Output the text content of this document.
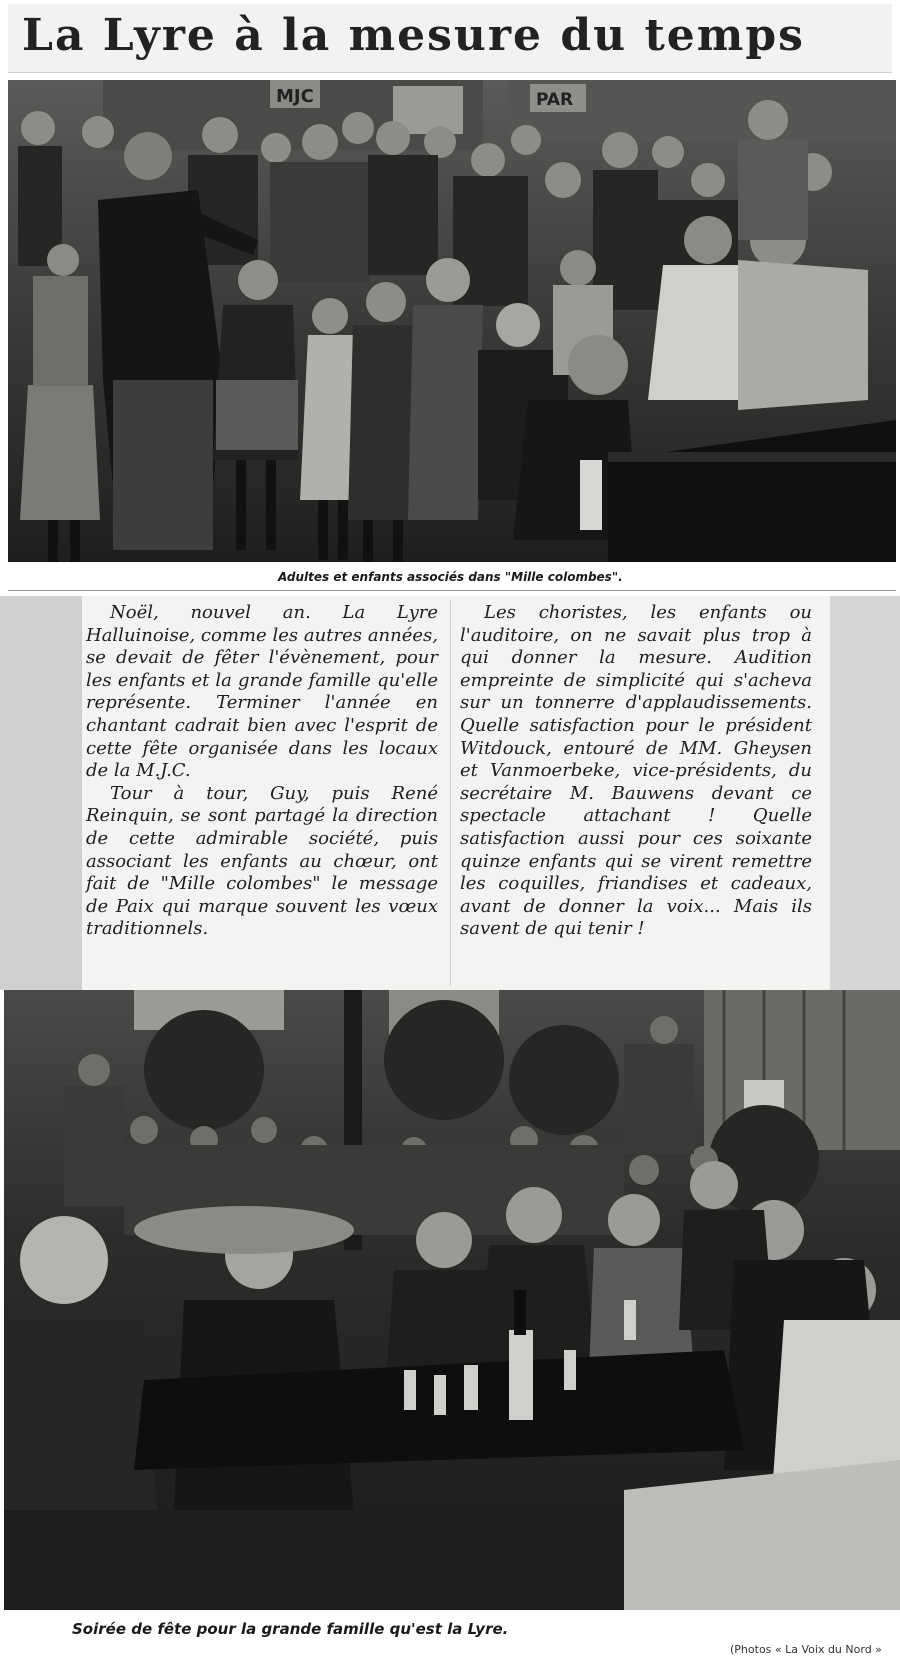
La Lyre à la mesure du temps
MJC	PAR
Adultes et enfants associés dans "Mille colombes".

Noël, nouvel an. La Lyre Halluinoise, comme les autres années, se devait de fêter l'évènement, pour les enfants et la grande famille qu'elle représente. Terminer l'année en chantant cadrait bien avec l'esprit de cette fête organisée dans les locaux de la M.J.C.

Tour à tour, Guy, puis René Reinquin, se sont partagé la direction de cette admirable société, puis associant les enfants au chœur, ont fait de "Mille colombes" le message de Paix qui marque souvent les vœux traditionnels.

Les choristes, les enfants ou l'auditoire, on ne savait plus trop à qui donner la mesure. Audition empreinte de simplicité qui s'acheva sur un tonnerre d'applaudissements. Quelle satisfaction pour le président Witdouck, entouré de MM. Gheysen et Vanmoerbeke, vice-présidents, du secrétaire M. Bauwens devant ce spectacle attachant ! Quelle satisfaction aussi pour ces soixante quinze enfants qui se virent remettre les coquilles, friandises et cadeaux, avant de donner la voix... Mais ils savent de qui tenir !

Soirée de fête pour la grande famille qu'est la Lyre.
(Photos « La Voix du Nord »
